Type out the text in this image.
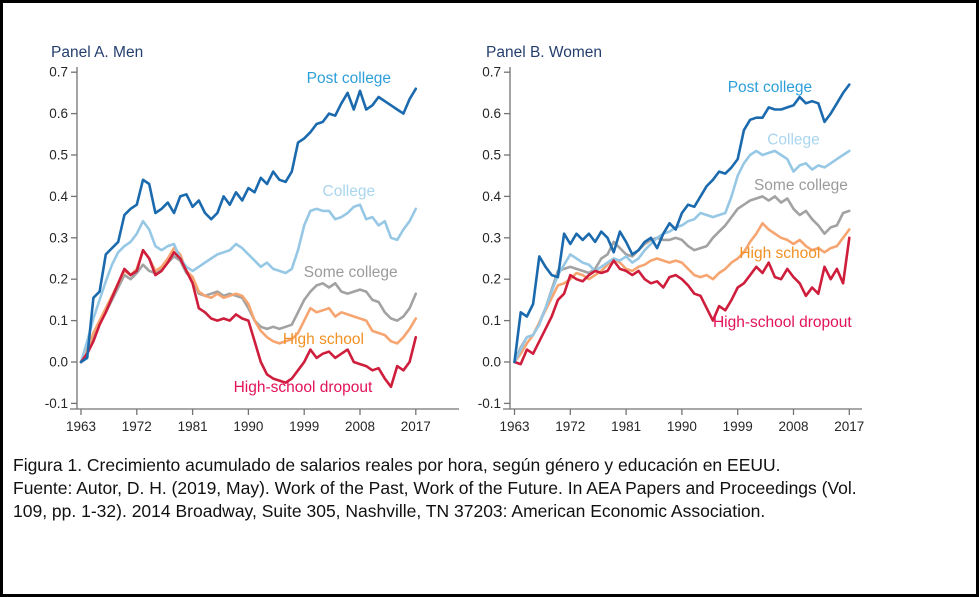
Panel A. Men
0.7
0.6
0.5
0.4
0.3
0.2
0.1
0.0
-0.1
1963 1972 1981 1990 1999 2008 2017
Post college
College
Some college
High school
High-school dropout
Panel B. Women
0.7
0.6
0.5
0.4
0.3
0.2
0.1
0.0
-0.1
1963 1972 1981 1990 1999 2008 2017
Post college
College
Some college
High school
High-school dropout

Figura 1. Crecimiento acumulado de salarios reales por hora, según género y educación en EEUU.

Fuente: Autor, D. H. (2019, May). Work of the Past, Work of the Future. In AEA Papers and Proceedings (Vol. 109, pp. 1-32). 2014 Broadway, Suite 305, Nashville, TN 37203: American Economic Association.
